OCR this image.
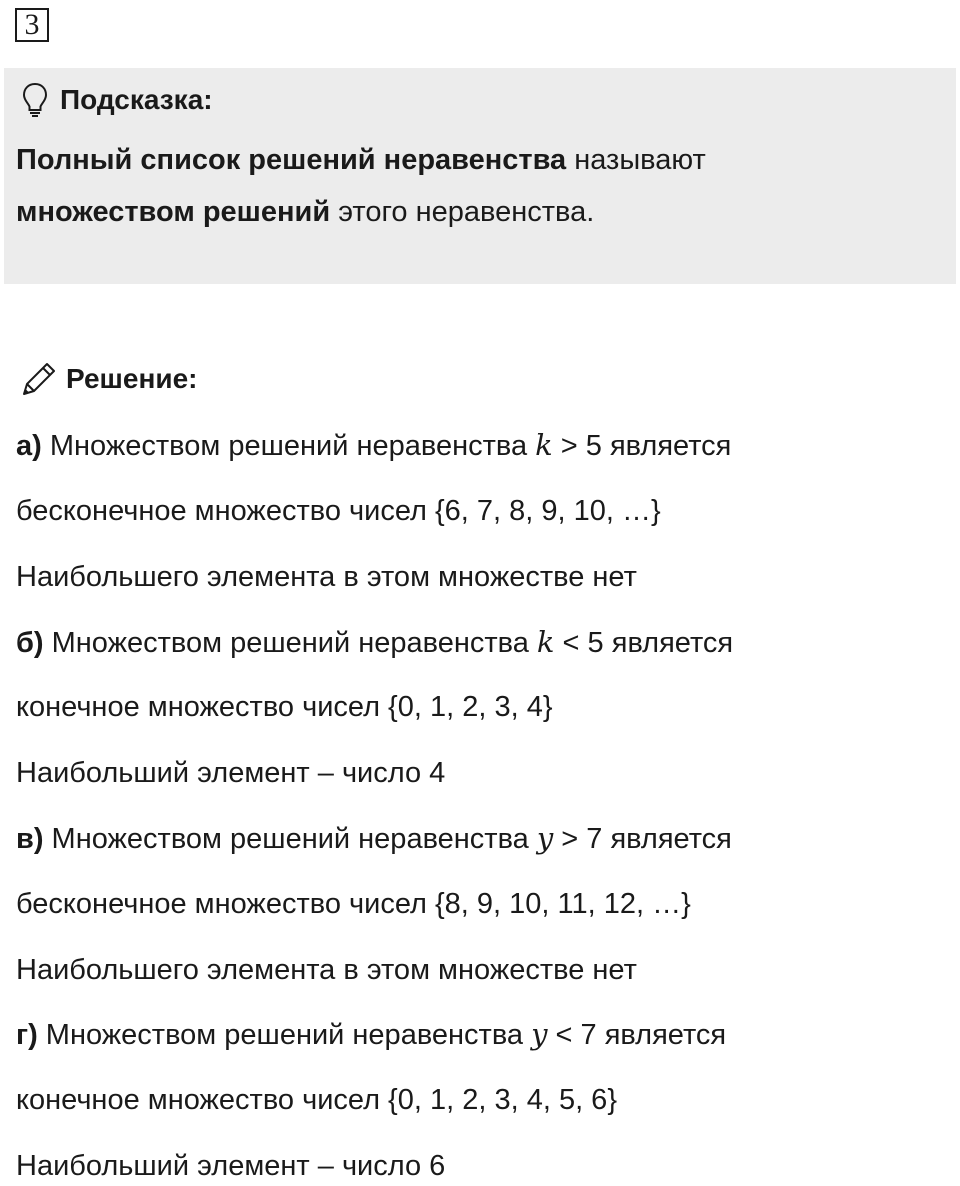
3
Подсказка:
Полный список решений неравенства называют
множеством решений этого неравенства.
Решение:
а) Множеством решений неравенства k > 5 является
бесконечное множество чисел {6, 7, 8, 9, 10, …}
Наибольшего элемента в этом множестве нет
б) Множеством решений неравенства k < 5 является
конечное множество чисел {0, 1, 2, 3, 4}
Наибольший элемент – число 4
в) Множеством решений неравенства y > 7 является
бесконечное множество чисел {8, 9, 10, 11, 12, …}
Наибольшего элемента в этом множестве нет
г) Множеством решений неравенства y < 7 является
конечное множество чисел {0, 1, 2, 3, 4, 5, 6}
Наибольший элемент – число 6
